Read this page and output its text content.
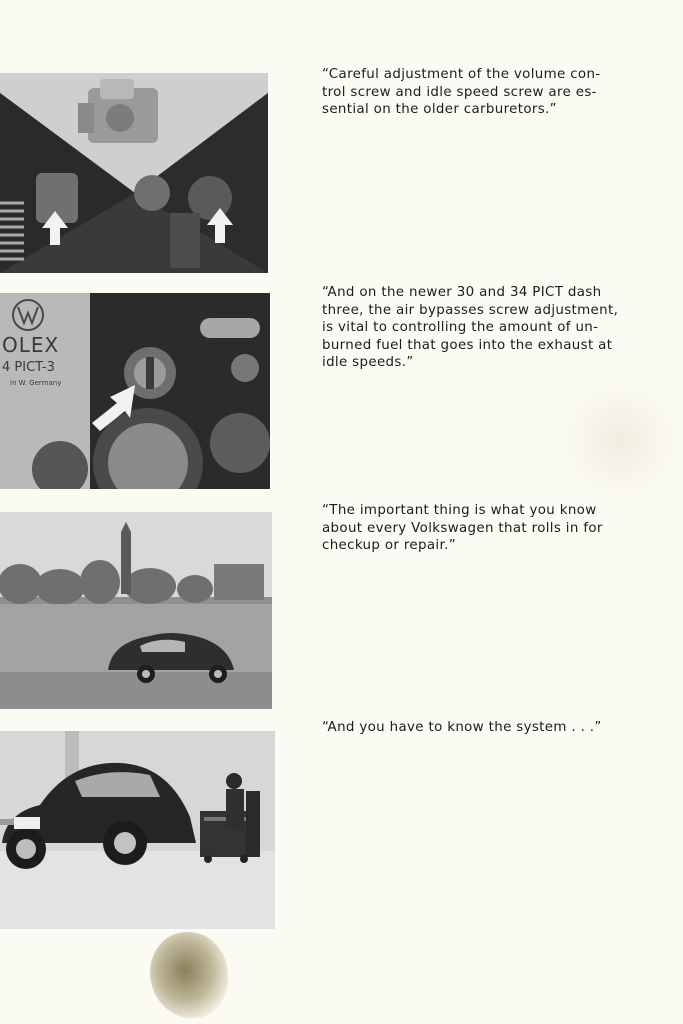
OLEX
4 PICT-3
in W. Germany
“Careful adjustment of the volume con-
trol screw and idle speed screw are es-
sential on the older carburetors.”
“And on the newer 30 and 34 PICT dash
three, the air bypasses screw adjustment,
is vital to controlling the amount of un-
burned fuel that goes into the exhaust at
idle speeds.”
“The important thing is what you know
about every Volkswagen that rolls in for
checkup or repair.”
“And you have to know the system . . .”
